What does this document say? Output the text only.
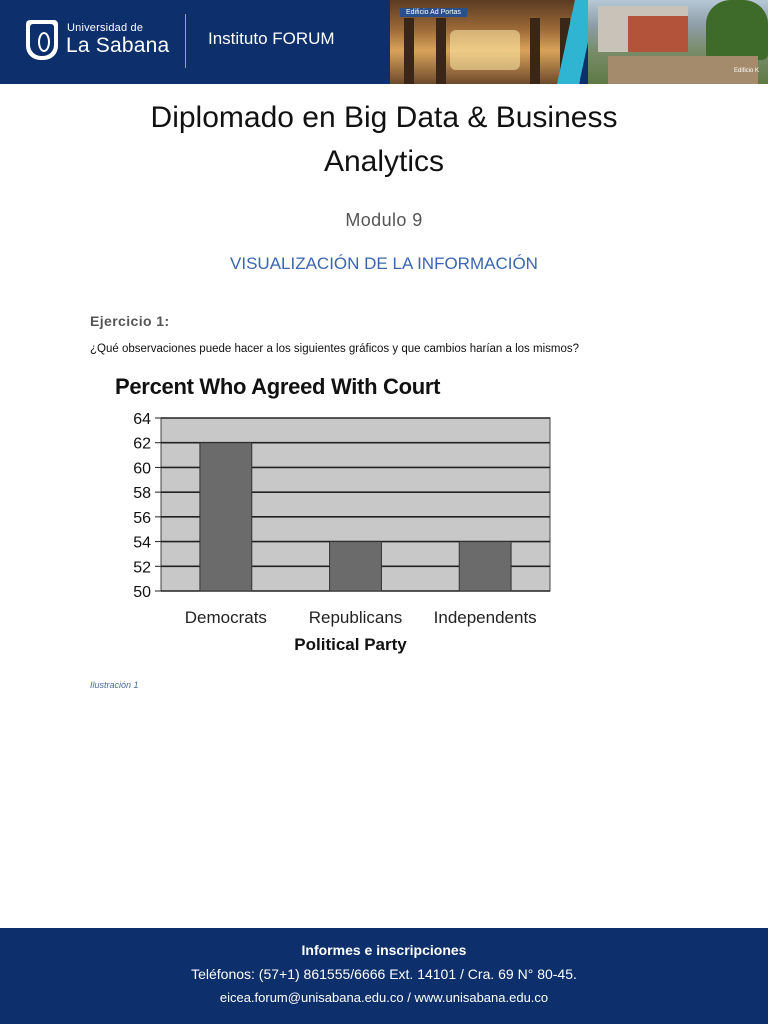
Universidad de
La Sabana Instituto FORUM
Edificio Ad Portas
Edificio K
Diplomado en Big Data & Business
Analytics
Modulo 9
VISUALIZACIÓN DE LA INFORMACIÓN
Ejercicio 1:
¿Qué observaciones puede hacer a los siguientes gráficos y que cambios harían a los mismos?
Percent Who Agreed With Court
50
52
54
56
58
60
62
64
Democrats Republicans Independents
Political Party
Ilustración 1
Informes e inscripciones
Teléfonos: (57+1) 861555/6666 Ext. 14101 / Cra. 69 N° 80-45.
eicea.forum@unisabana.edu.co / www.unisabana.edu.co
